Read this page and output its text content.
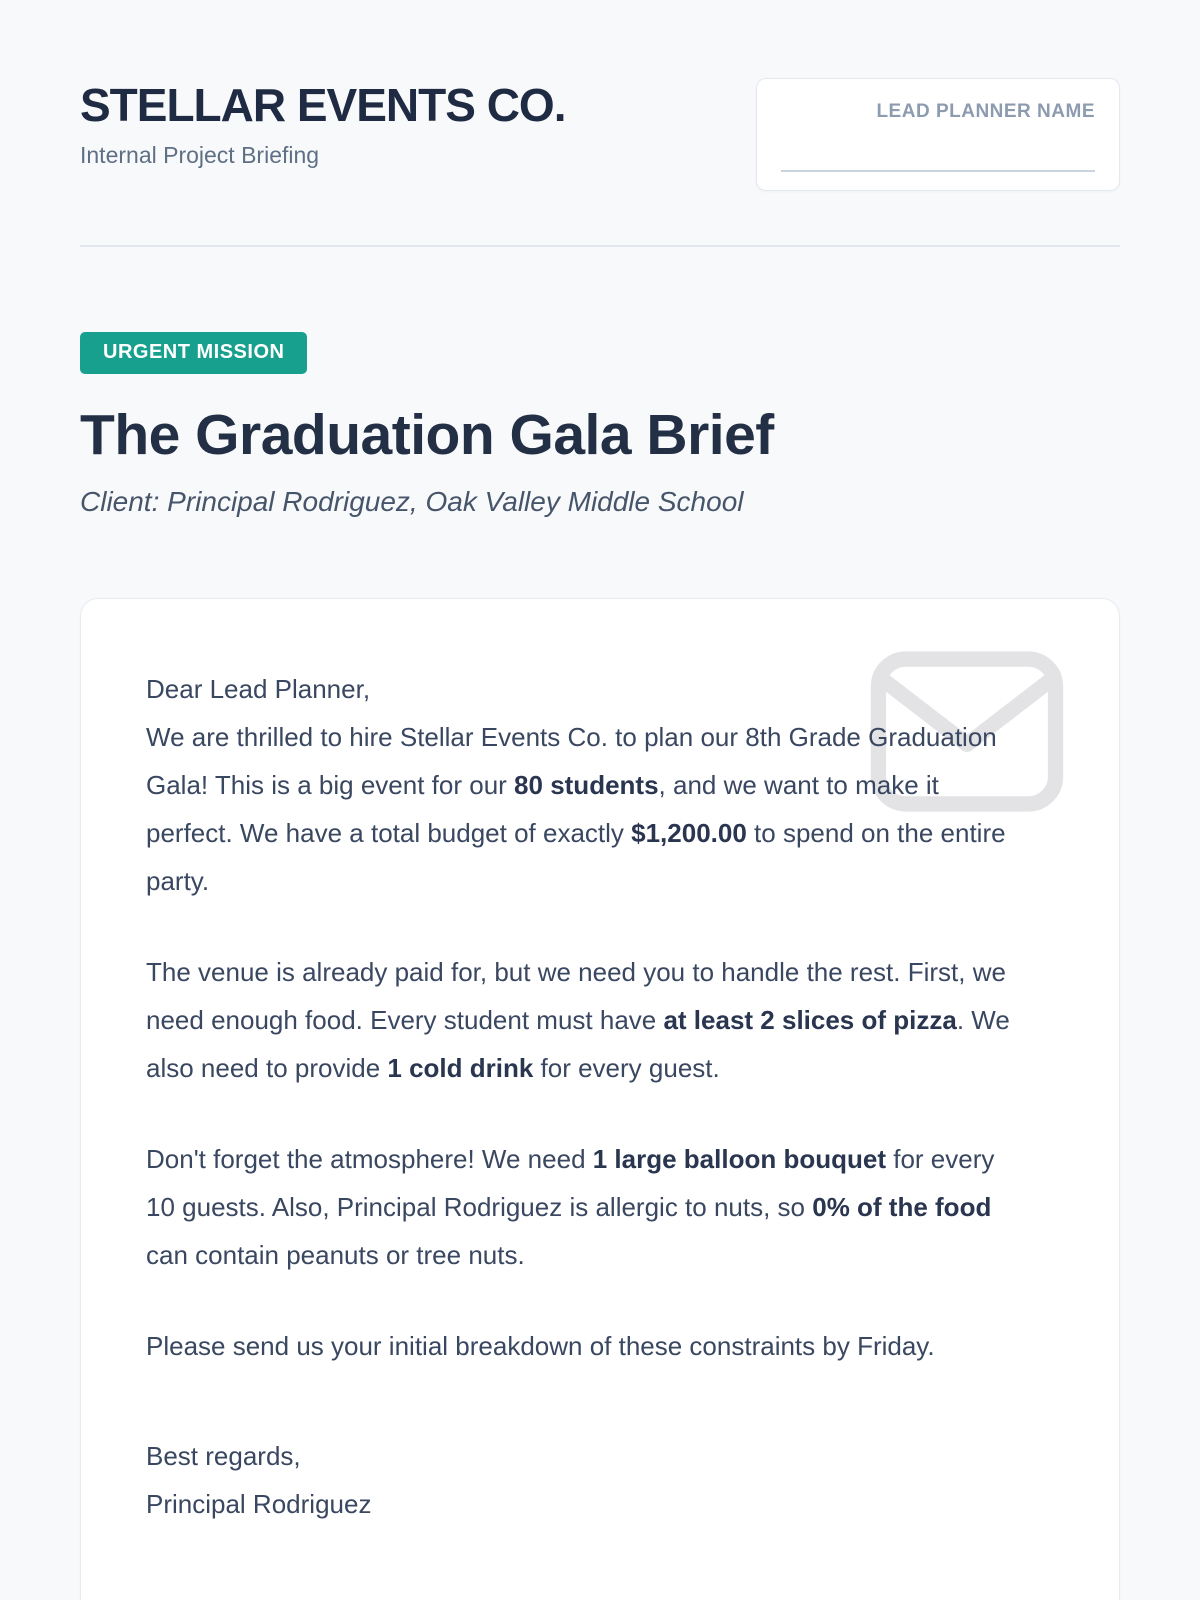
STELLAR EVENTS CO.
Internal Project Briefing
LEAD PLANNER NAME
URGENT MISSION
The Graduation Gala Brief

Client: Principal Rodriguez, Oak Valley Middle School

Dear Lead Planner,
We are thrilled to hire Stellar Events Co. to plan our 8th Grade Graduation Gala! This is a big event for our 80 students, and we want to make it perfect. We have a total budget of exactly $1,200.00 to spend on the entire party.

The venue is already paid for, but we need you to handle the rest. First, we need enough food. Every student must have at least 2 slices of pizza. We also need to provide 1 cold drink for every guest.

Don't forget the atmosphere! We need 1 large balloon bouquet for every 10 guests. Also, Principal Rodriguez is allergic to nuts, so 0% of the food can contain peanuts or tree nuts.

Please send us your initial breakdown of these constraints by Friday.

Best regards,
Principal Rodriguez
